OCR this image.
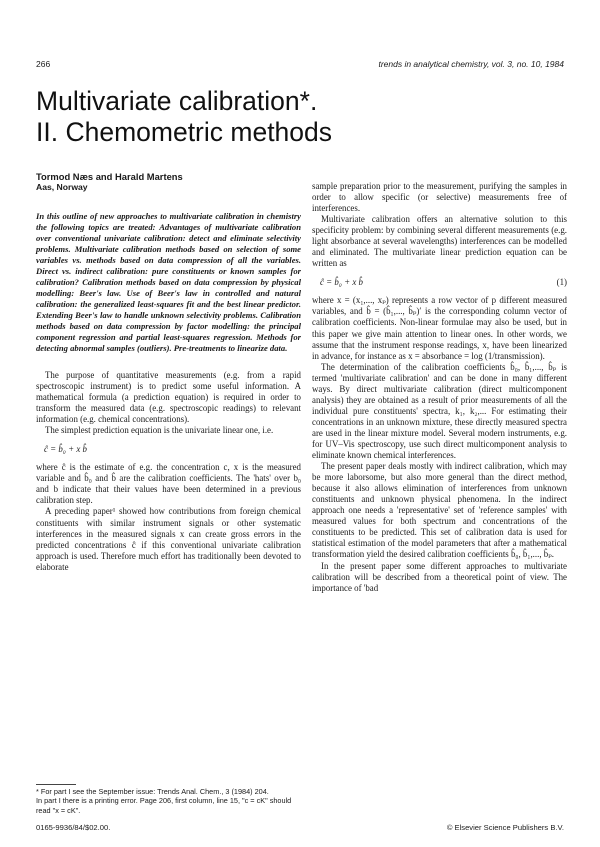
266	trends in analytical chemistry, vol. 3, no. 10, 1984
Multivariate calibration*.
II. Chemometric methods

Tormod Næs and Harald Martens

Aas, Norway

In this outline of new approaches to multivariate calibration in chemistry the following topics are treated: Advantages of multivariate calibration over conventional univariate calibration: detect and eliminate selectivity problems. Multivariate calibration methods based on selection of some variables vs. methods based on data compression of all the variables. Direct vs. indirect calibration: pure constituents or known samples for calibration? Calibration methods based on data compression by physical modelling: Beer's law. Use of Beer's law in controlled and natural calibration: the generalized least-squares fit and the best linear predictor. Extending Beer's law to handle unknown selectivity problems. Calibration methods based on data compression by factor modelling: the principal component regression and partial least-squares regression. Methods for detecting abnormal samples (outliers). Pre-treatments to linearize data.

The purpose of quantitative measurements (e.g. from a rapid spectroscopic instrument) is to predict some useful information. A mathematical formula (a prediction equation) is required in order to transform the measured data (e.g. spectroscopic readings) to relevant information (e.g. chemical concentrations).

The simplest prediction equation is the univariate linear one, i.e.

ĉ = b̂₀ + x b̂

where ĉ is the estimate of e.g. the concentration c, x is the measured variable and b̂₀ and b̂ are the calibration coefficients. The 'hats' over b₀ and b indicate that their values have been determined in a previous calibration step.

A preceding paper¹ showed how contributions from foreign chemical constituents with similar instrument signals or other systematic interferences in the measured signals x can create gross errors in the predicted concentrations ĉ if this conventional univariate calibration approach is used. Therefore much effort has traditionally been devoted to elaborate

sample preparation prior to the measurement, purifying the samples in order to allow specific (or selective) measurements free of interferences.

Multivariate calibration offers an alternative solution to this specificity problem: by combining several different measurements (e.g. light absorbance at several wavelengths) interferences can be modelled and eliminated. The multivariate linear prediction equation can be written as

ĉ = b̂₀ + x b̂	(1)

where x = (x₁,..., xₚ) represents a row vector of p different measured variables, and b̂ = (b̂₁,..., b̂ₚ)′ is the corresponding column vector of calibration coefficients. Non-linear formulae may also be used, but in this paper we give main attention to linear ones. In other words, we assume that the instrument response readings, x, have been linearized in advance, for instance as x = absorbance = log (1/transmission).

The determination of the calibration coefficients b̂₀, b̂₁,..., b̂ₚ is termed 'multivariate calibration' and can be done in many different ways. By direct multivariate calibration (direct multicomponent analysis) they are obtained as a result of prior measurements of all the individual pure constituents' spectra, k₁, k₂,... For estimating their concentrations in an unknown mixture, these directly measured spectra are used in the linear mixture model. Several modern instruments, e.g. for UV–Vis spectroscopy, use such direct multicomponent analysis to eliminate known chemical interferences.

The present paper deals mostly with indirect calibration, which may be more laborsome, but also more general than the direct method, because it also allows elimination of interferences from unknown constituents and unknown physical phenomena. In the indirect approach one needs a 'representative' set of 'reference samples' with measured values for both spectrum and concentrations of the constituents to be predicted. This set of calibration data is used for statistical estimation of the model parameters that after a mathematical transformation yield the desired calibration coefficients b̂₀, b̂₁,..., b̂ₚ.

In the present paper some different approaches to multivariate calibration will be described from a theoretical point of view. The importance of 'bad

* For part I see the September issue: Trends Anal. Chem., 3 (1984) 204.

In part I there is a printing error. Page 206, first column, line 15, "c = cK" should read "x = cK".

0165-9936/84/$02.00.	© Elsevier Science Publishers B.V.
